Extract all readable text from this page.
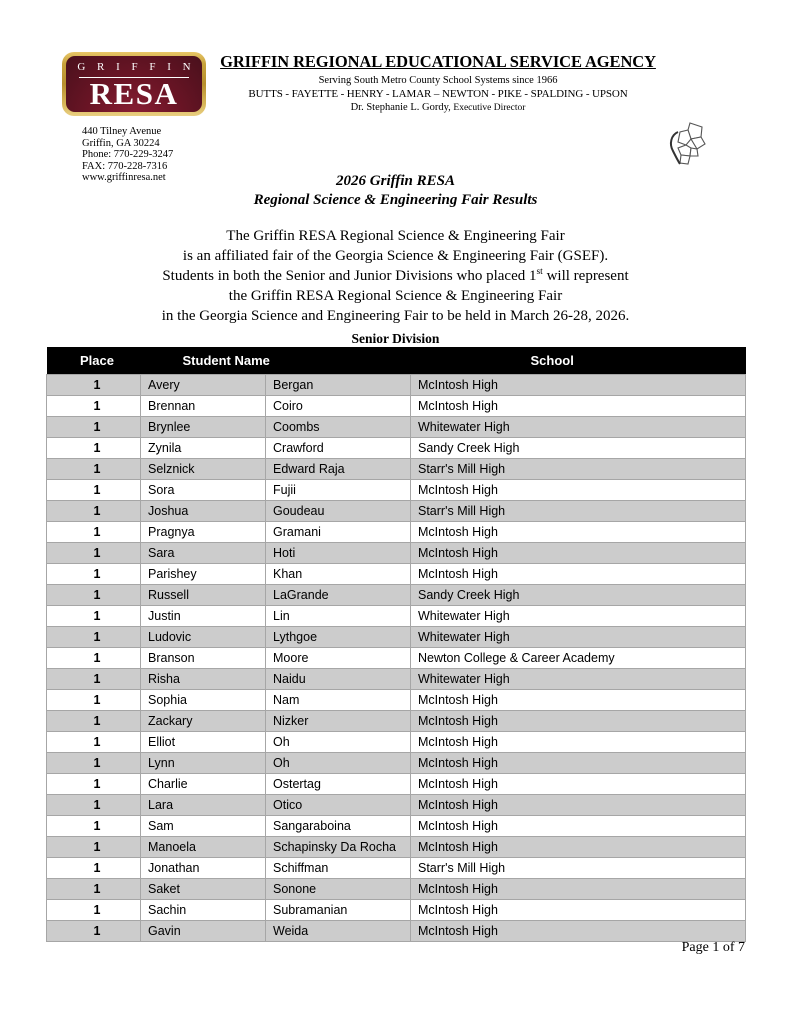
G R I F F I N
RESA
GRIFFIN REGIONAL EDUCATIONAL SERVICE AGENCY
Serving South Metro County School Systems since 1966
BUTTS - FAYETTE - HENRY - LAMAR – NEWTON - PIKE - SPALDING - UPSON
Dr. Stephanie L. Gordy, Executive Director
440 Tilney Avenue
Griffin, GA 30224
Phone: 770-229-3247
FAX: 770-228-7316
www.griffinresa.net	2026 Griffin RESA
Regional Science & Engineering Fair Results
The Griffin RESA Regional Science & Engineering Fair
is an affiliated fair of the Georgia Science & Engineering Fair (GSEF).
Students in both the Senior and Junior Divisions who placed 1st will represent
the Griffin RESA Regional Science & Engineering Fair
in the Georgia Science and Engineering Fair to be held in March 26-28, 2026.
Senior Division
Place	Student Name		School
1	Avery	Bergan	McIntosh High
1	Brennan	Coiro	McIntosh High
1	Brynlee	Coombs	Whitewater High
1	Zynila	Crawford	Sandy Creek High
1	Selznick	Edward Raja	Starr's Mill High
1	Sora	Fujii	McIntosh High
1	Joshua	Goudeau	Starr's Mill High
1	Pragnya	Gramani	McIntosh High
1	Sara	Hoti	McIntosh High
1	Parishey	Khan	McIntosh High
1	Russell	LaGrande	Sandy Creek High
1	Justin	Lin	Whitewater High
1	Ludovic	Lythgoe	Whitewater High
1	Branson	Moore	Newton College & Career Academy
1	Risha	Naidu	Whitewater High
1	Sophia	Nam	McIntosh High
1	Zackary	Nizker	McIntosh High
1	Elliot	Oh	McIntosh High
1	Lynn	Oh	McIntosh High
1	Charlie	Ostertag	McIntosh High
1	Lara	Otico	McIntosh High
1	Sam	Sangaraboina	McIntosh High
1	Manoela	Schapinsky Da Rocha	McIntosh High
1	Jonathan	Schiffman	Starr's Mill High
1	Saket	Sonone	McIntosh High
1	Sachin	Subramanian	McIntosh High
1	Gavin	Weida	McIntosh High
Page 1 of 7
